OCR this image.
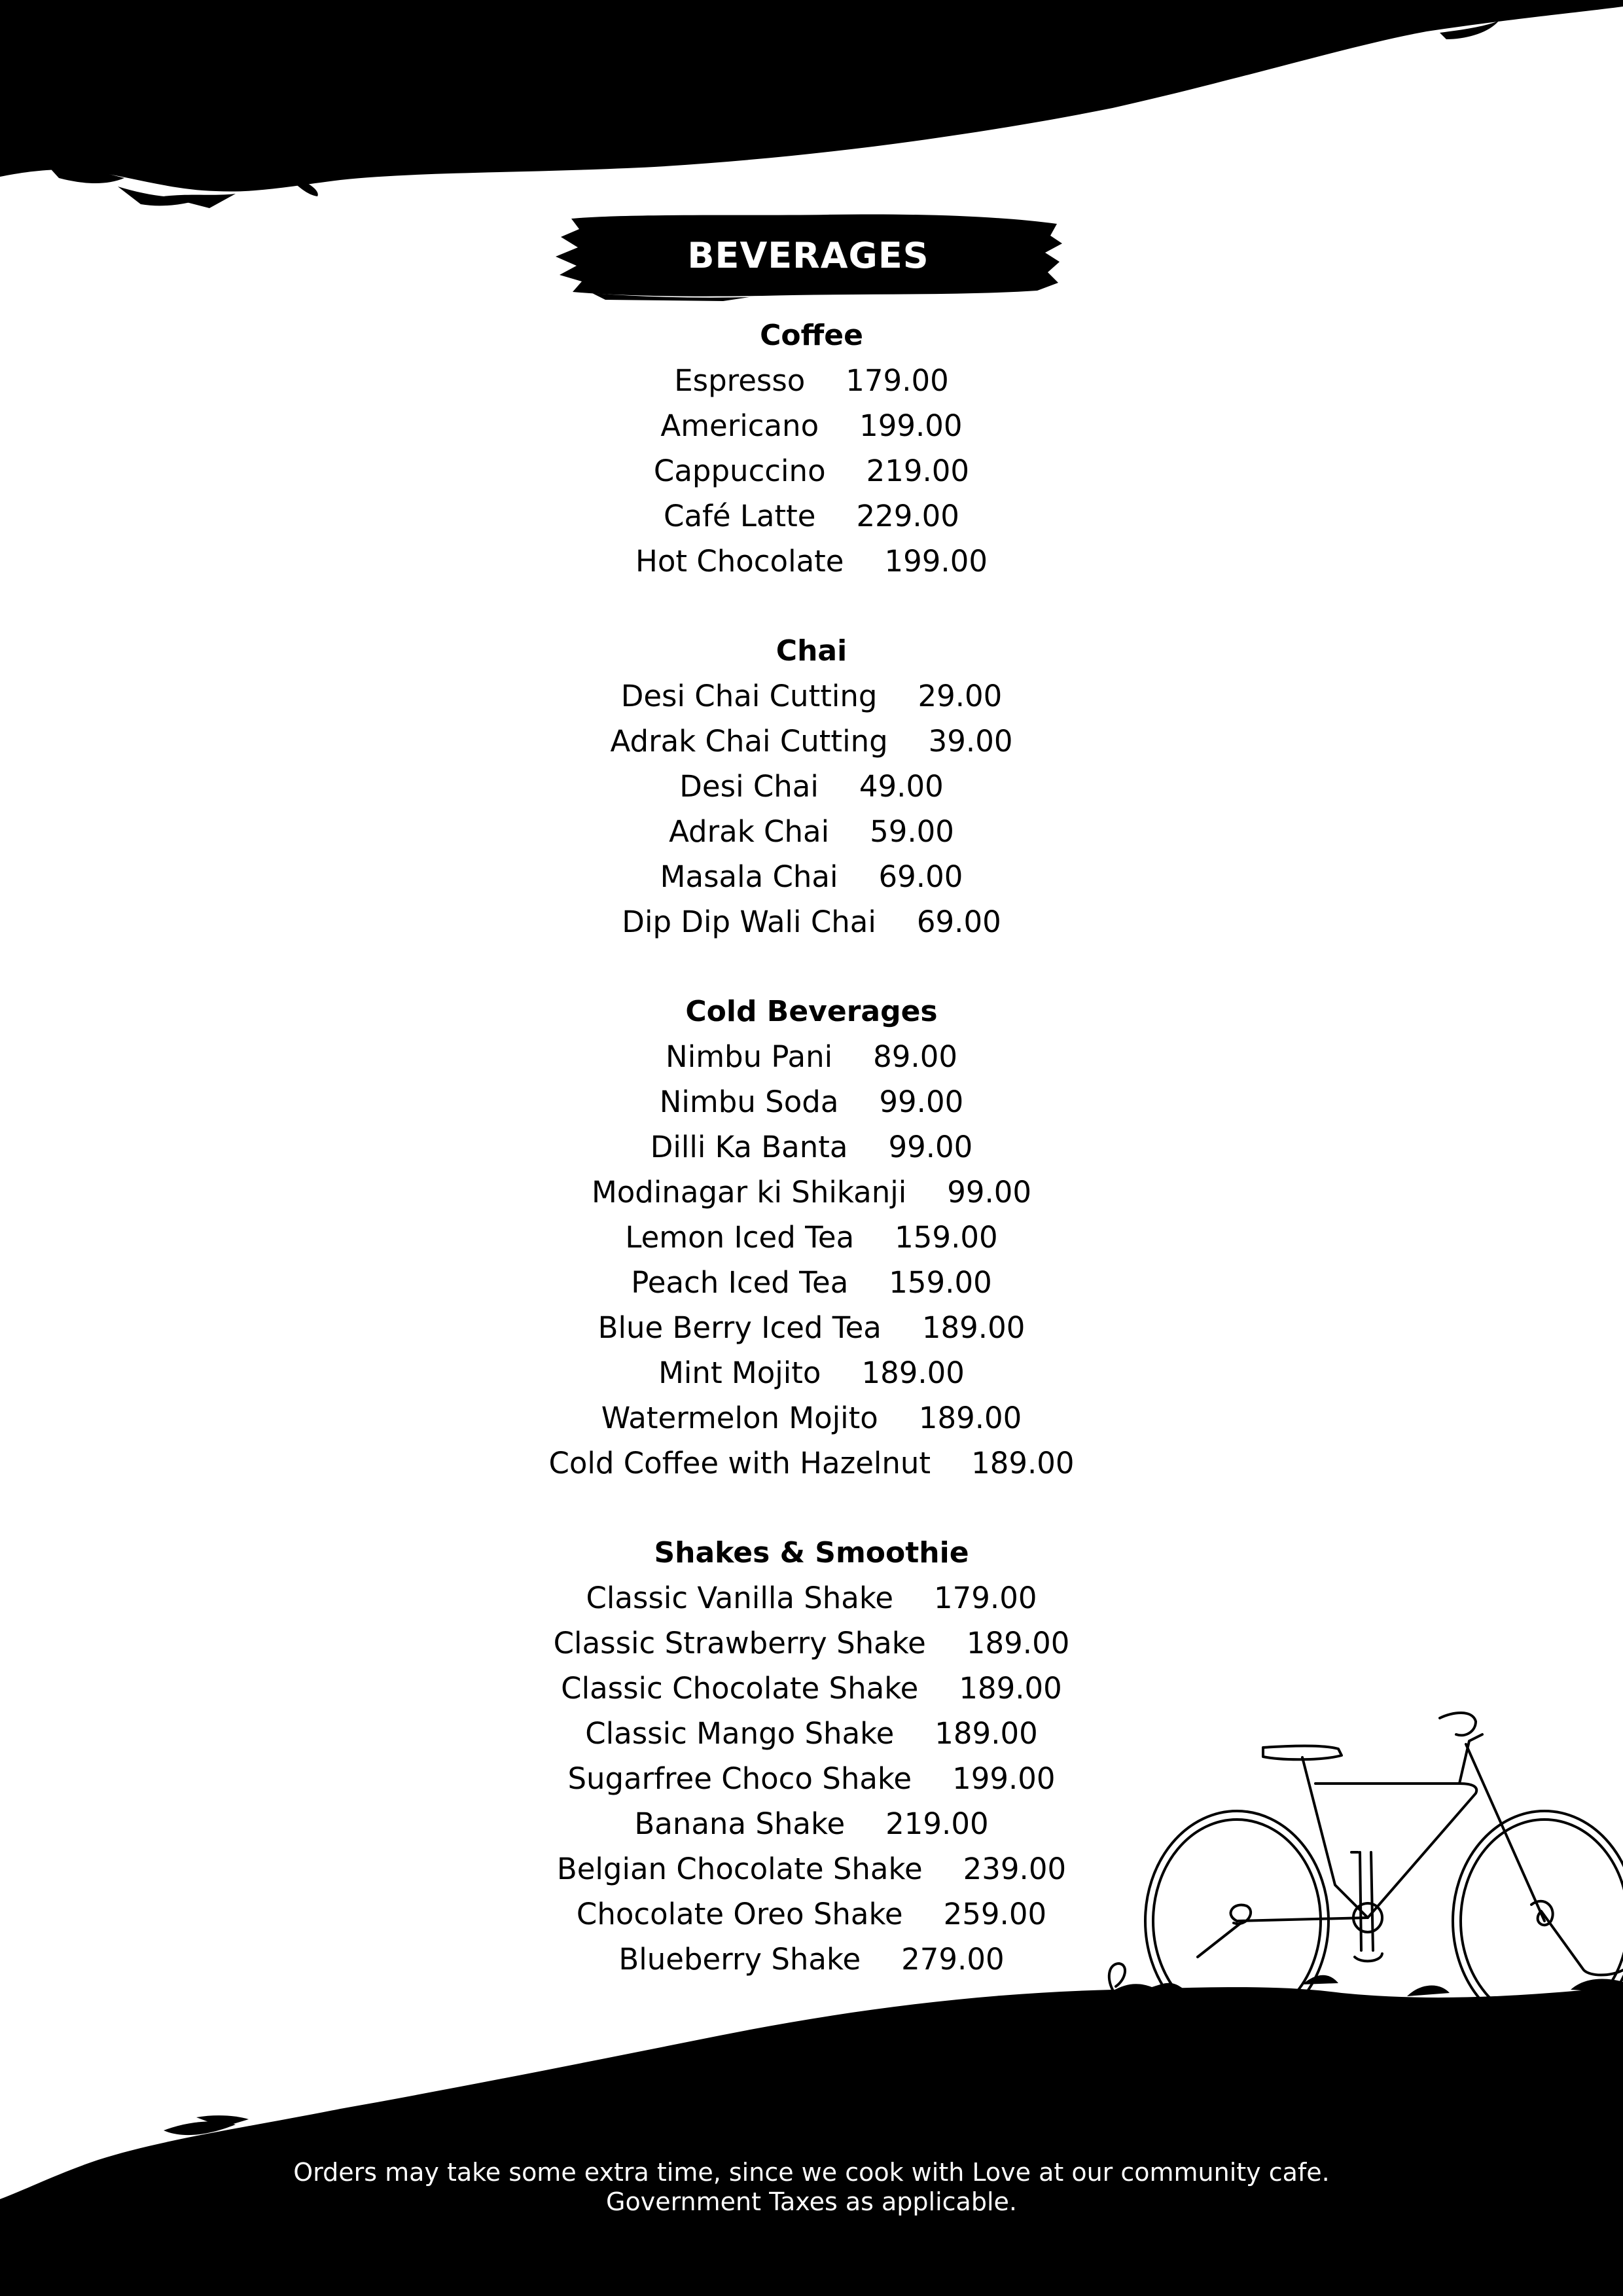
BEVERAGES
Coffee
Espresso 179.00
Americano 199.00
Cappuccino 219.00
Café Latte 229.00
Hot Chocolate 199.00
Chai
Desi Chai Cutting 29.00
Adrak Chai Cutting 39.00
Desi Chai 49.00
Adrak Chai 59.00
Masala Chai 69.00
Dip Dip Wali Chai 69.00
Cold Beverages
Nimbu Pani 89.00
Nimbu Soda 99.00
Dilli Ka Banta 99.00
Modinagar ki Shikanji 99.00
Lemon Iced Tea 159.00
Peach Iced Tea 159.00
Blue Berry Iced Tea 189.00
Mint Mojito 189.00
Watermelon Mojito 189.00
Cold Coffee with Hazelnut 189.00
Shakes & Smoothie
Classic Vanilla Shake 179.00
Classic Strawberry Shake 189.00
Classic Chocolate Shake 189.00
Classic Mango Shake 189.00
Sugarfree Choco Shake 199.00
Banana Shake 219.00
Belgian Chocolate Shake 239.00
Chocolate Oreo Shake 259.00
Blueberry Shake 279.00
Orders may take some extra time, since we cook with Love at our community cafe.
Government Taxes as applicable.
